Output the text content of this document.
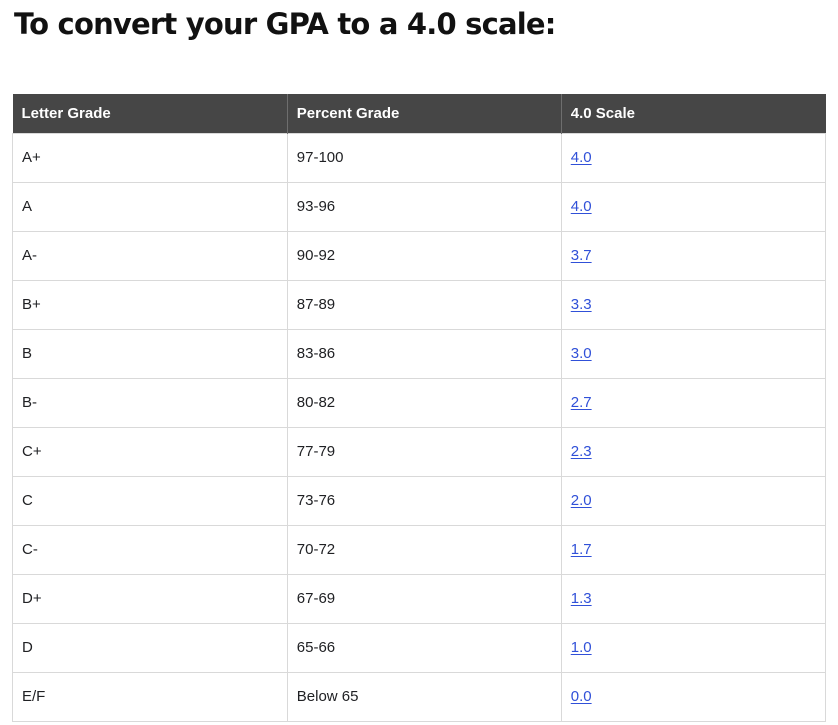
To convert your GPA to a 4.0 scale:
Letter Grade	Percent Grade	4.0 Scale
A+	97-100	4.0
A	93-96	4.0
A-	90-92	3.7
B+	87-89	3.3
B	83-86	3.0
B-	80-82	2.7
C+	77-79	2.3
C	73-76	2.0
C-	70-72	1.7
D+	67-69	1.3
D	65-66	1.0
E/F	Below 65	0.0
